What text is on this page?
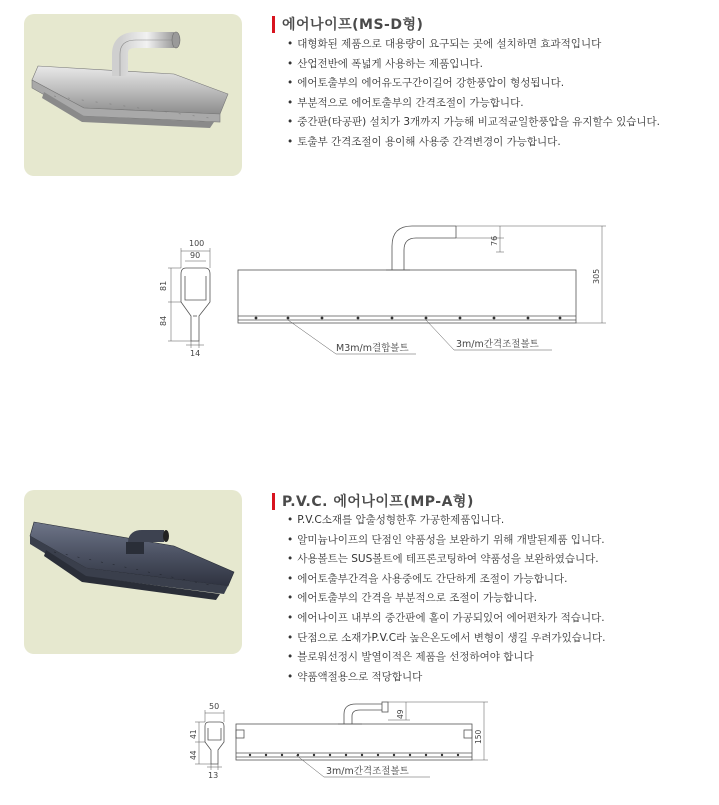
에어나이프(MS-D형)
• 대형화된 제품으로 대용량이 요구되는 곳에 설치하면 효과적입니다
• 산업전반에 폭넓게 사용하는 제품입니다.
• 에어토출부의 에어유도구간이길어 강한풍압이 형성됩니다.
• 부분적으로 에어토출부의 간격조절이 가능합니다.
• 중간판(타공판) 설치가 3개까지 가능해 비교적균일한풍압을 유지할수 있습니다.
• 토출부 간격조절이 용이해 사용중 간격변경이 가능합니다.
100
90
81
84
14
76
305
M3m/m결합볼트	3m/m간격조절볼트
P.V.C. 에어나이프(MP-A형)
• P.V.C소재를 압출성형한후 가공한제품입니다.
• 알미늄나이프의 단점인 약품성을 보완하기 위해 개발된제품 입니다.
• 사용볼트는 SUS볼트에 테프론코팅하여 약품성을 보완하였습니다.
• 에어토출부간격을 사용중에도 간단하게 조절이 가능합니다.
• 에어토출부의 간격을 부분적으로 조절이 가능합니다.
• 에어나이프 내부의 중간판에 홀이 가공되있어 에어편차가 적습니다.
• 단점으로 소재가P.V.C라 높은온도에서 변형이 생길 우려가있습니다.
• 블로워선정시 발열이적은 제품을 선정하여야 합니다
• 약품액절용으로 적당합니다
50
41
44
13
49
150
3m/m간격조절볼트
